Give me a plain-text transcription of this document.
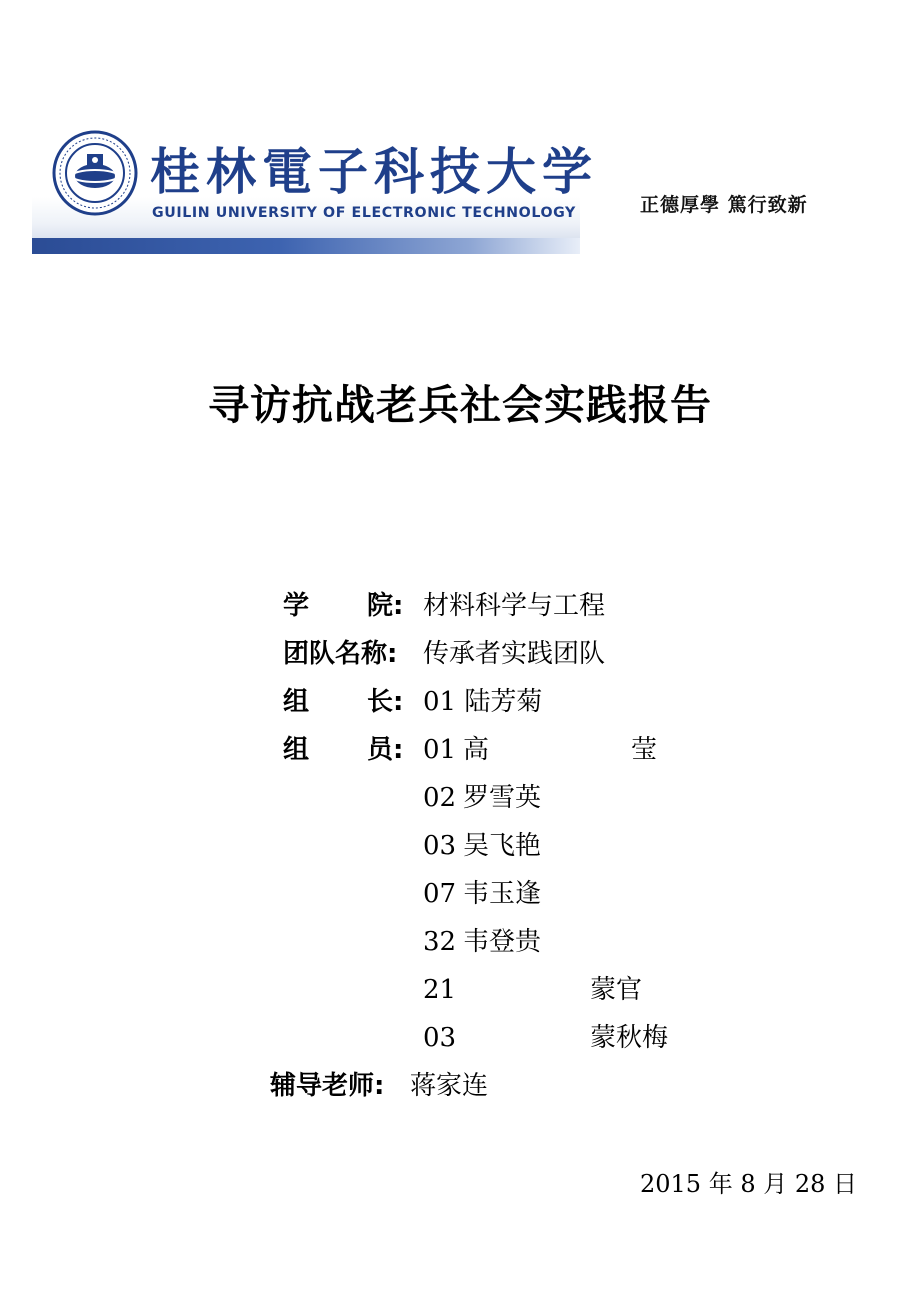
桂林電子科技大学
GUILIN UNIVERSITY OF ELECTRONIC TECHNOLOGY	正德厚學 篤行致新
寻访抗战老兵社会实践报告
学 院: 材料科学与工程
团队名称: 传承者实践团队
组 长: 01 陆芳菊
组 员: 01 高	莹
02 罗雪英
03 吴飞艳
07 韦玉逢
32 韦登贵
21	蒙官
03	蒙秋梅
辅导老师: 蒋家连
2015 年 8 月 28 日
